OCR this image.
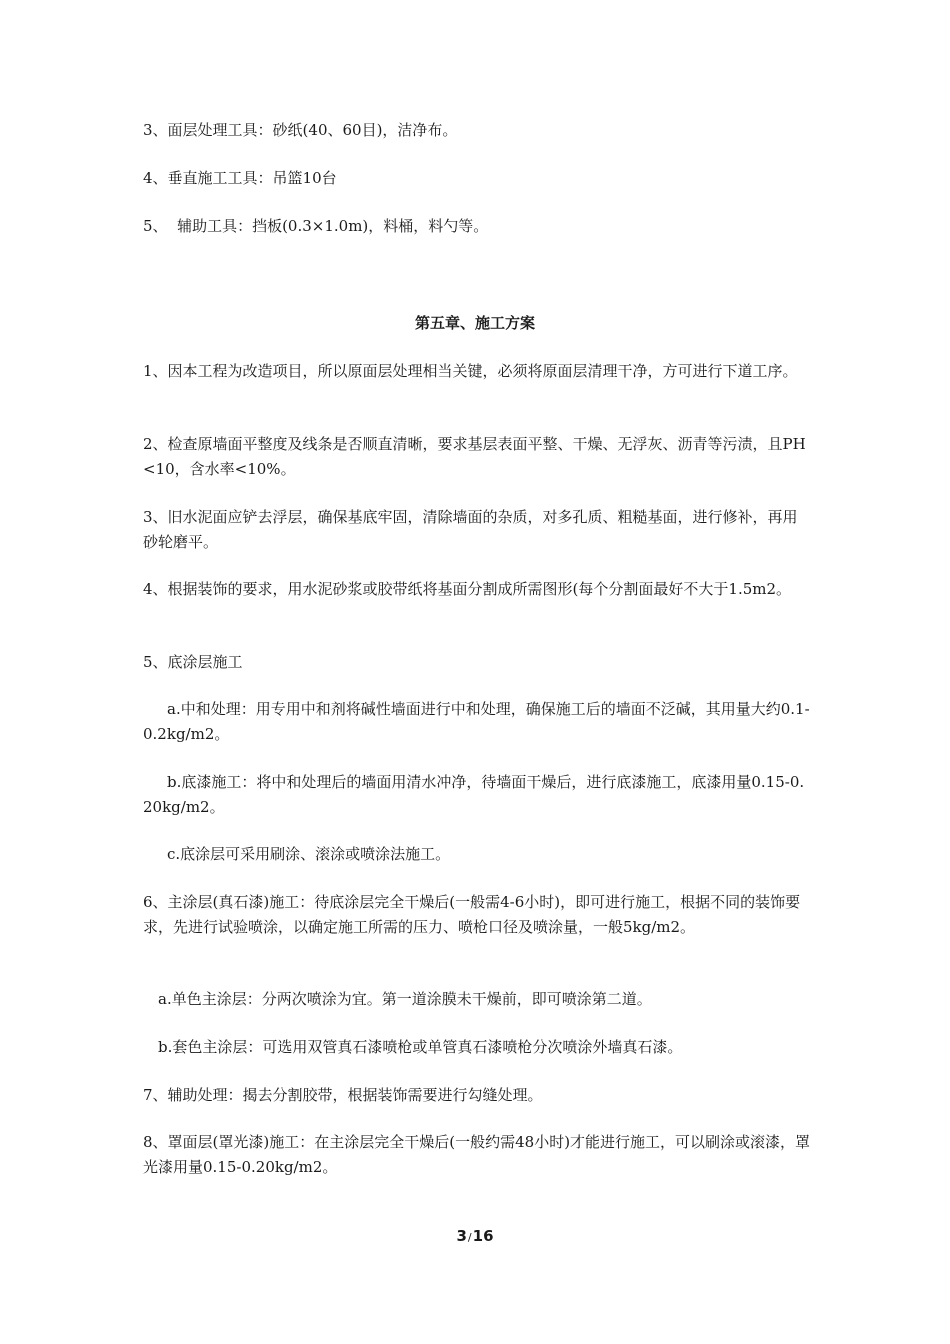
3、面层处理工具：砂纸(40、60目)，洁净布。

4、垂直施工工具：吊篮10台

5、  辅助工具：挡板(0.3×1.0m)，料桶，料勺等。

第五章、施工方案

1、因本工程为改造项目，所以原面层处理相当关键，必须将原面层清理干净，方可进行下道工序。

2、检查原墙面平整度及线条是否顺直清晰，要求基层表面平整、干燥、无浮灰、沥青等污渍，且PH<10，含水率<10%。

3、旧水泥面应铲去浮层，确保基底牢固，清除墙面的杂质，对多孔质、粗糙基面，进行修补，再用砂轮磨平。

4、根据装饰的要求，用水泥砂浆或胶带纸将基面分割成所需图形(每个分割面最好不大于1.5m2。

5、底涂层施工

a.中和处理：用专用中和剂将碱性墙面进行中和处理，确保施工后的墙面不泛碱，其用量大约0.1-0.2kg/m2。

b.底漆施工：将中和处理后的墙面用清水冲净，待墙面干燥后，进行底漆施工，底漆用量0.15-0.20kg/m2。

c.底涂层可采用刷涂、滚涂或喷涂法施工。

6、主涂层(真石漆)施工：待底涂层完全干燥后(一般需4-6小时)，即可进行施工，根据不同的装饰要求，先进行试验喷涂，以确定施工所需的压力、喷枪口径及喷涂量，一般5kg/m2。

a.单色主涂层：分两次喷涂为宜。第一道涂膜未干燥前，即可喷涂第二道。

b.套色主涂层：可选用双管真石漆喷枪或单管真石漆喷枪分次喷涂外墙真石漆。

7、辅助处理：揭去分割胶带，根据装饰需要进行勾缝处理。

8、罩面层(罩光漆)施工：在主涂层完全干燥后(一般约需48小时)才能进行施工，可以刷涂或滚漆，罩光漆用量0.15-0.20kg/m2。

3/16
